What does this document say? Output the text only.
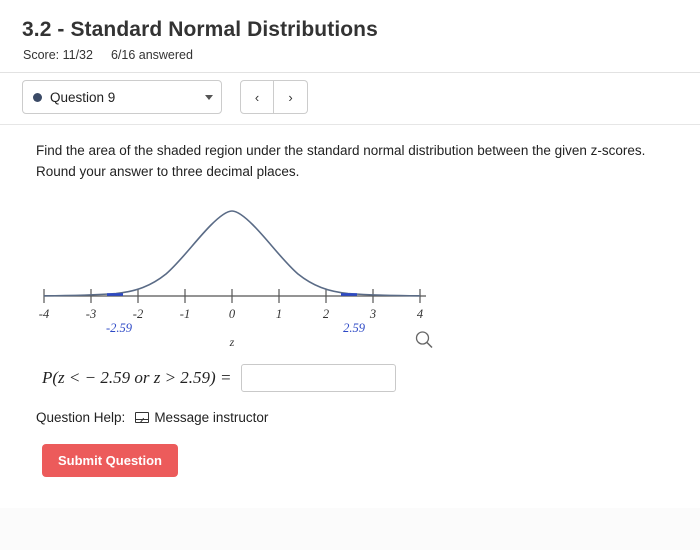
3.2 - Standard Normal Distributions
Score: 11/32 6/16 answered
Question 9	‹	›
Find the area of the shaded region under the standard normal distribution between the given z-scores.
Round your answer to three decimal places.
-4	-3	-2	-1	0	1	2	3	4
-2.59	2.59
z
P(z < − 2.59 or z > 2.59) =
Question Help: Message instructor
Submit Question
